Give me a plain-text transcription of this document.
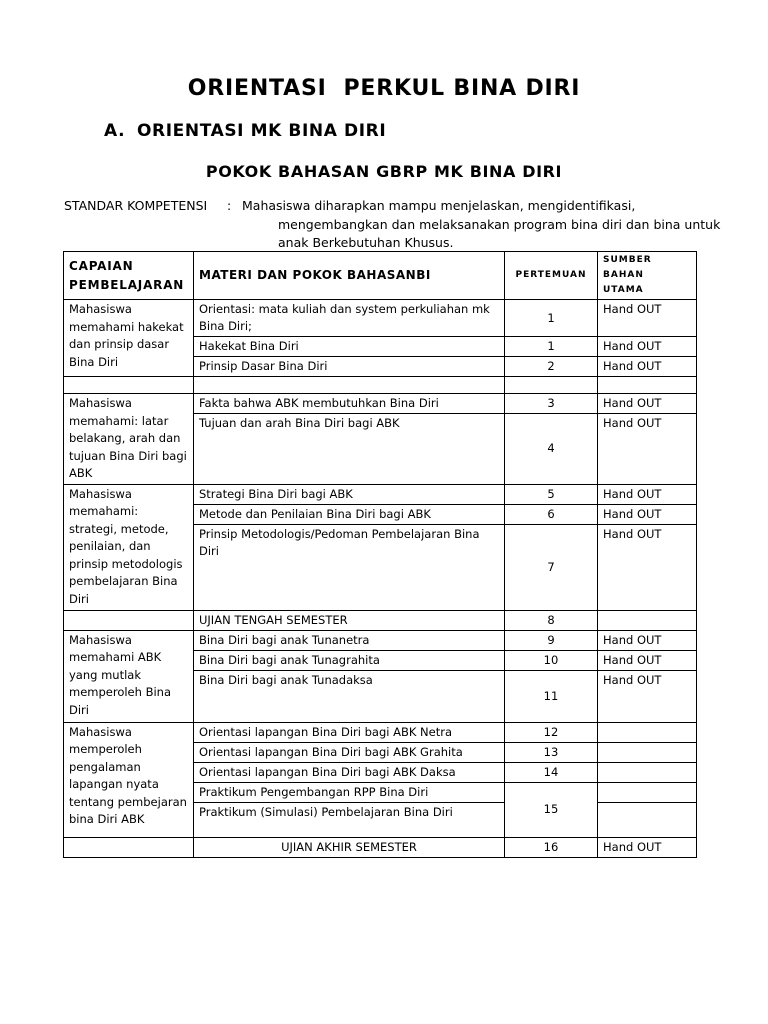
ORIENTASI  PERKUL BINA DIRI
A. ORIENTASI MK BINA DIRI
POKOK BAHASAN GBRP MK BINA DIRI
STANDAR KOMPETENSI : Mahasiswa diharapkan mampu menjelaskan, mengidentifikasi,
mengembangkan dan melaksanakan program bina diri dan bina untuk
anak Berkebutuhan Khusus.
CAPAIAN
PEMBELAJARAN	MATERI DAN POKOK BAHASANBI	PERTEMUAN	SUMBER
BAHAN
UTAMA
Mahasiswa memahami hakekat dan prinsip dasar Bina Diri	Orientasi: mata kuliah dan system perkuliahan mk Bina Diri;	1	Hand OUT
	Hakekat Bina Diri	1	Hand OUT
	Prinsip Dasar Bina Diri	2	Hand OUT

Mahasiswa memahami: latar belakang, arah dan tujuan Bina Diri bagi ABK	Fakta bahwa ABK membutuhkan Bina Diri	3	Hand OUT
	Tujuan dan arah Bina Diri bagi ABK	4	Hand OUT
Mahasiswa memahami: strategi, metode, penilaian, dan prinsip metodologis pembelajaran Bina Diri	Strategi Bina Diri bagi ABK	5	Hand OUT
	Metode dan Penilaian Bina Diri bagi ABK	6	Hand OUT
	Prinsip Metodologis/Pedoman Pembelajaran Bina Diri	7	Hand OUT
	UJIAN TENGAH SEMESTER	8	
Mahasiswa memahami ABK yang mutlak memperoleh Bina Diri	Bina Diri bagi anak Tunanetra	9	Hand OUT
	Bina Diri bagi anak Tunagrahita	10	Hand OUT
	Bina Diri bagi anak Tunadaksa	11	Hand OUT
Mahasiswa memperoleh pengalaman lapangan nyata tentang pembejaran bina Diri ABK	Orientasi lapangan Bina Diri bagi ABK Netra	12	
	Orientasi lapangan Bina Diri bagi ABK Grahita	13	
	Orientasi lapangan Bina Diri bagi ABK Daksa	14	
	Praktikum Pengembangan RPP Bina Diri	15	
	Praktikum (Simulasi) Pembelajaran Bina Diri		
	UJIAN AKHIR SEMESTER	16	Hand OUT
